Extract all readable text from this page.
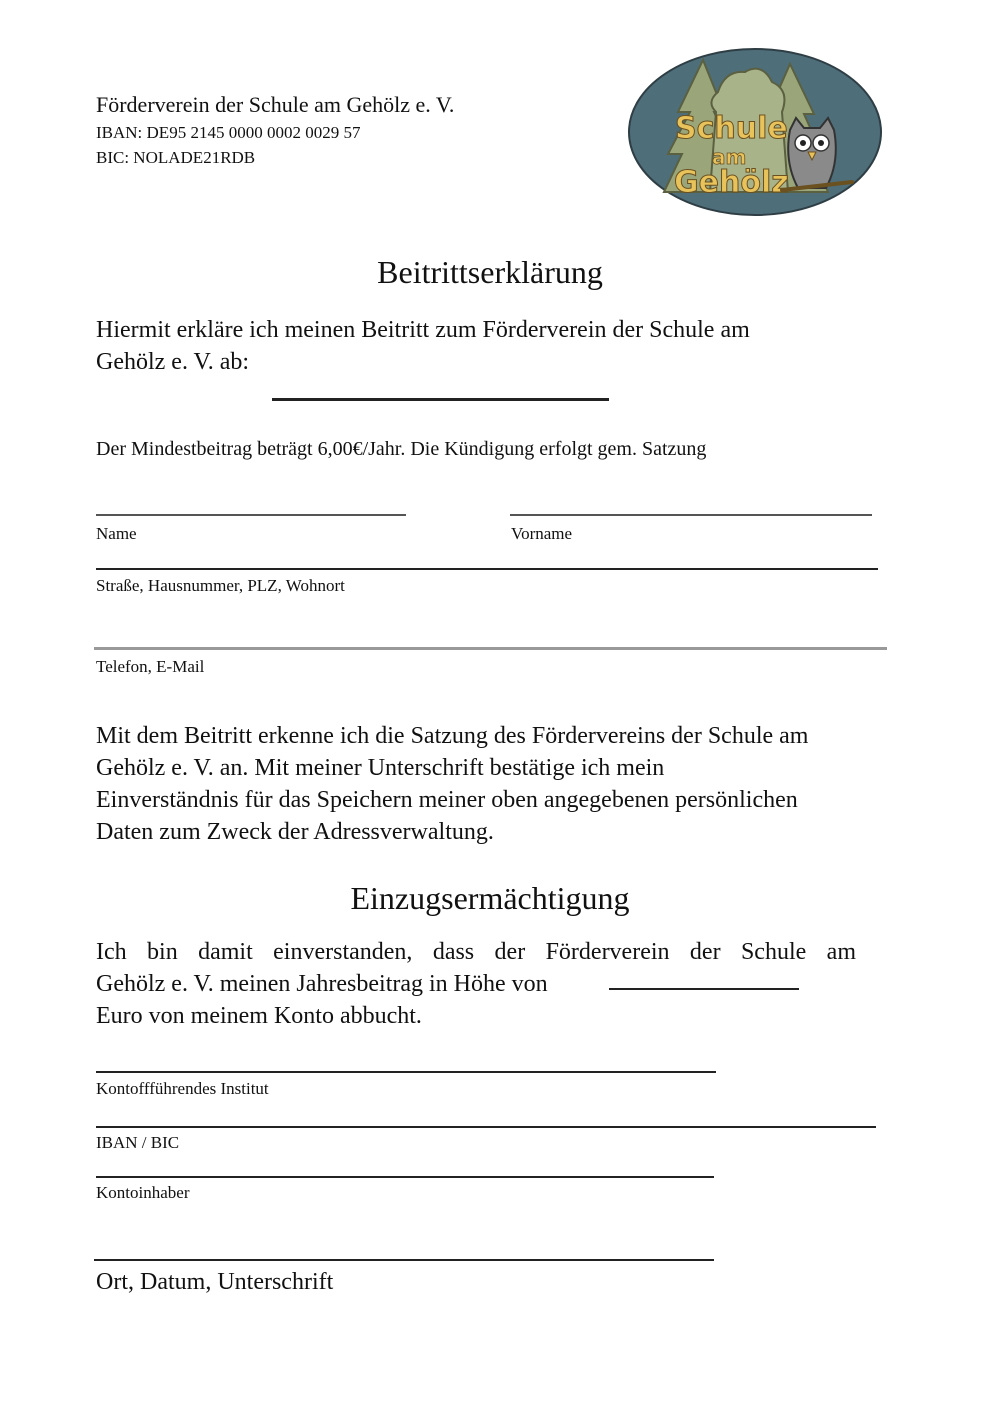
Förderverein der Schule am Gehölz e. V.
IBAN: DE95 2145 0000 0002 0029 57
BIC: NOLADE21RDB
Schule
am
Gehölz
Beitrittserklärung
Hiermit erkläre ich meinen Beitritt zum Förderverein der Schule am
Gehölz e. V. ab:
Der Mindestbeitrag beträgt 6,00€/Jahr. Die Kündigung erfolgt gem. Satzung
Name	Vorname
Straße, Hausnummer, PLZ, Wohnort
Telefon, E-Mail
Mit dem Beitritt erkenne ich die Satzung des Fördervereins der Schule am
Gehölz e. V. an. Mit meiner Unterschrift bestätige ich mein
Einverständnis für das Speichern meiner oben angegebenen persönlichen
Daten zum Zweck der Adressverwaltung.
Einzugsermächtigung
Ich bin damit einverstanden, dass der Förderverein der Schule am
Gehölz e. V. meinen Jahresbeitrag in Höhe von
Euro von meinem Konto abbucht.
Kontoffführendes Institut
IBAN / BIC
Kontoinhaber
Ort, Datum, Unterschrift
